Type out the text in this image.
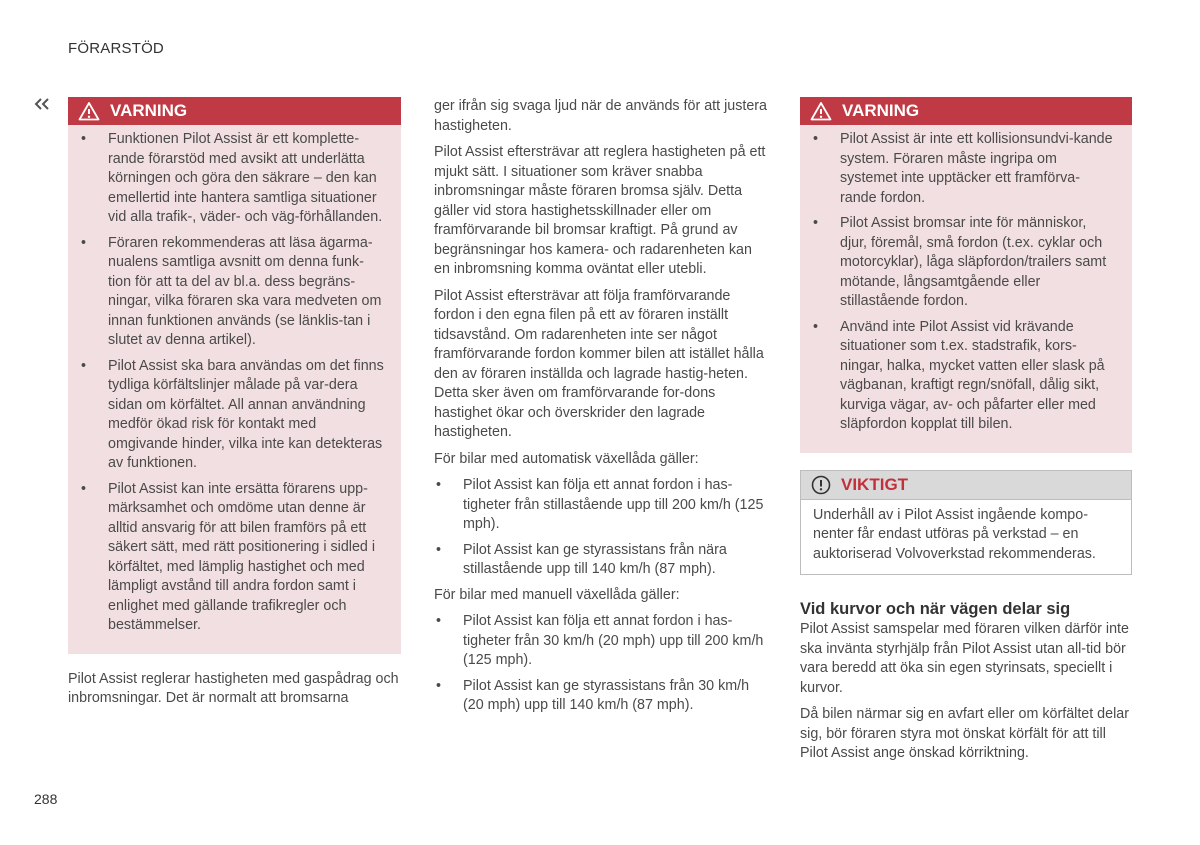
FÖRARSTÖD
VARNING
• Funktionen Pilot Assist är ett komplette-rande förarstöd med avsikt att underlätta körningen och göra den säkrare – den kan emellertid inte hantera samtliga situationer vid alla trafik-, väder- och väg-förhållanden.
• Föraren rekommenderas att läsa ägarma-nualens samtliga avsnitt om denna funk-tion för att ta del av bl.a. dess begräns-ningar, vilka föraren ska vara medveten om innan funktionen används (se länklis-tan i slutet av denna artikel).
• Pilot Assist ska bara användas om det finns tydliga körfältslinjer målade på var-dera sidan om körfältet. All annan användning medför ökad risk för kontakt med omgivande hinder, vilka inte kan detekteras av funktionen.
• Pilot Assist kan inte ersätta förarens upp-märksamhet och omdöme utan denne är alltid ansvarig för att bilen framförs på ett säkert sätt, med rätt positionering i sidled i körfältet, med lämplig hastighet och med lämpligt avstånd till andra fordon samt i enlighet med gällande trafikregler och bestämmelser.

Pilot Assist reglerar hastigheten med gaspådrag och inbromsningar. Det är normalt att bromsarna

ger ifrån sig svaga ljud när de används för att justera hastigheten.

Pilot Assist eftersträvar att reglera hastigheten på ett mjukt sätt. I situationer som kräver snabba inbromsningar måste föraren bromsa själv. Detta gäller vid stora hastighetsskillnader eller om framförvarande bil bromsar kraftigt. På grund av begränsningar hos kamera- och radarenheten kan en inbromsning komma oväntat eller utebli.

Pilot Assist eftersträvar att följa framförvarande fordon i den egna filen på ett av föraren inställt tidsavstånd. Om radarenheten inte ser något framförvarande fordon kommer bilen att istället hålla den av föraren inställda och lagrade hastig-heten. Detta sker även om framförvarande for-dons hastighet ökar och överskrider den lagrade hastigheten.

För bilar med automatisk växellåda gäller:

• Pilot Assist kan följa ett annat fordon i has-tigheter från stillastående upp till 200 km/h (125 mph).
• Pilot Assist kan ge styrassistans från nära stillastående upp till 140 km/h (87 mph).

För bilar med manuell växellåda gäller:

• Pilot Assist kan följa ett annat fordon i has-tigheter från 30 km/h (20 mph) upp till 200 km/h (125 mph).
• Pilot Assist kan ge styrassistans från 30 km/h (20 mph) upp till 140 km/h (87 mph).
VARNING
• Pilot Assist är inte ett kollisionsundvi-kande system. Föraren måste ingripa om systemet inte upptäcker ett framförva-rande fordon.
• Pilot Assist bromsar inte för människor, djur, föremål, små fordon (t.ex. cyklar och motorcyklar), låga släpfordon/trailers samt mötande, långsamtgående eller stillastående fordon.
• Använd inte Pilot Assist vid krävande situationer som t.ex. stadstrafik, kors-ningar, halka, mycket vatten eller slask på vägbanan, kraftigt regn/snöfall, dålig sikt, kurviga vägar, av- och påfarter eller med släpfordon kopplat till bilen.
VIKTIGT
Underhåll av i Pilot Assist ingående kompo-nenter får endast utföras på verkstad – en auktoriserad Volvoverkstad rekommenderas.
Vid kurvor och när vägen delar sig

Pilot Assist samspelar med föraren vilken därför inte ska invänta styrhjälp från Pilot Assist utan all-tid bör vara beredd att öka sin egen styrinsats, speciellt i kurvor.

Då bilen närmar sig en avfart eller om körfältet delar sig, bör föraren styra mot önskat körfält för att till Pilot Assist ange önskad körriktning.

288
